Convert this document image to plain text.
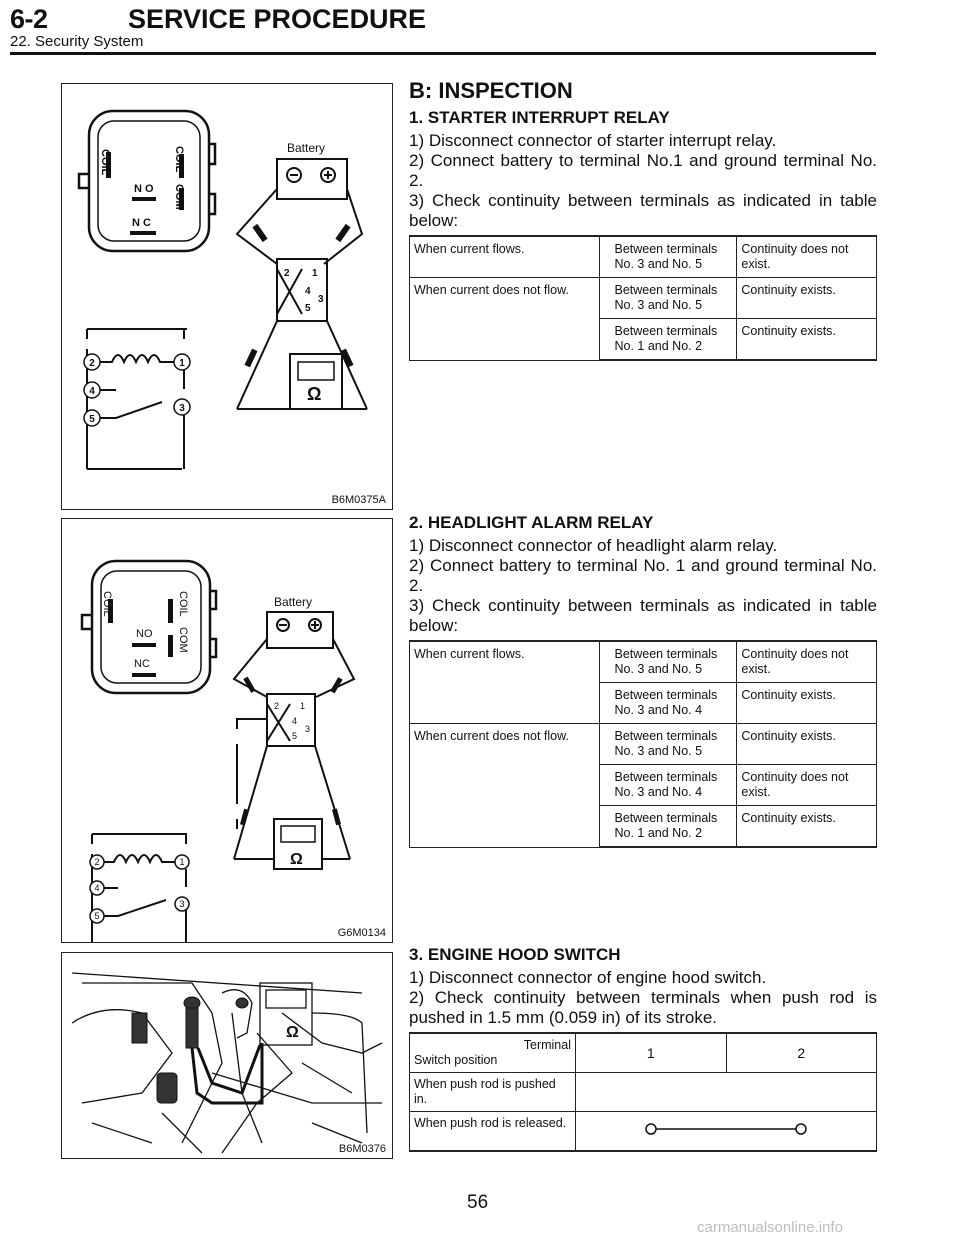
6-2	SERVICE PROCEDURE
22. Security System
COIL	COIL
COM
N O
N C
Battery
2 1
4
3
5
Ω
2	1
4
3
5
B6M0375A
B: INSPECTION
1. STARTER INTERRUPT RELAY

1) Disconnect connector of starter interrupt relay.

2) Connect battery to terminal No.1 and ground terminal No. 2.

3) Check continuity between terminals as indicated in table below:

When current flows.	Between terminals No. 3 and No. 5	Continuity does not exist.
When current does not flow.	Between terminals No. 3 and No. 5	Continuity exists.
	Between terminals No. 1 and No. 2	Continuity exists.
COIL	COIL
COM
NO
NC
Battery
2 1
4
3
5
Ω
2	1
4
3
5
G6M0134
2. HEADLIGHT ALARM RELAY

1) Disconnect connector of headlight alarm relay.

2) Connect battery to terminal No. 1 and ground terminal No. 2.

3) Check continuity between terminals as indicated in table below:

When current flows.	Between terminals No. 3 and No. 5	Continuity does not exist.
	Between terminals No. 3 and No. 4	Continuity exists.
When current does not flow.	Between terminals No. 3 and No. 5	Continuity exists.
	Between terminals No. 3 and No. 4	Continuity does not exist.
	Between terminals No. 1 and No. 2	Continuity exists.
Ω
B6M0376
3. ENGINE HOOD SWITCH

1) Disconnect connector of engine hood switch.

2) Check continuity between terminals when push rod is pushed in 1.5 mm (0.059 in) of its stroke.

Terminal
Switch position	1	2
When push rod is pushed in.		
When push rod is released.	
56
carmanualsonline.info
